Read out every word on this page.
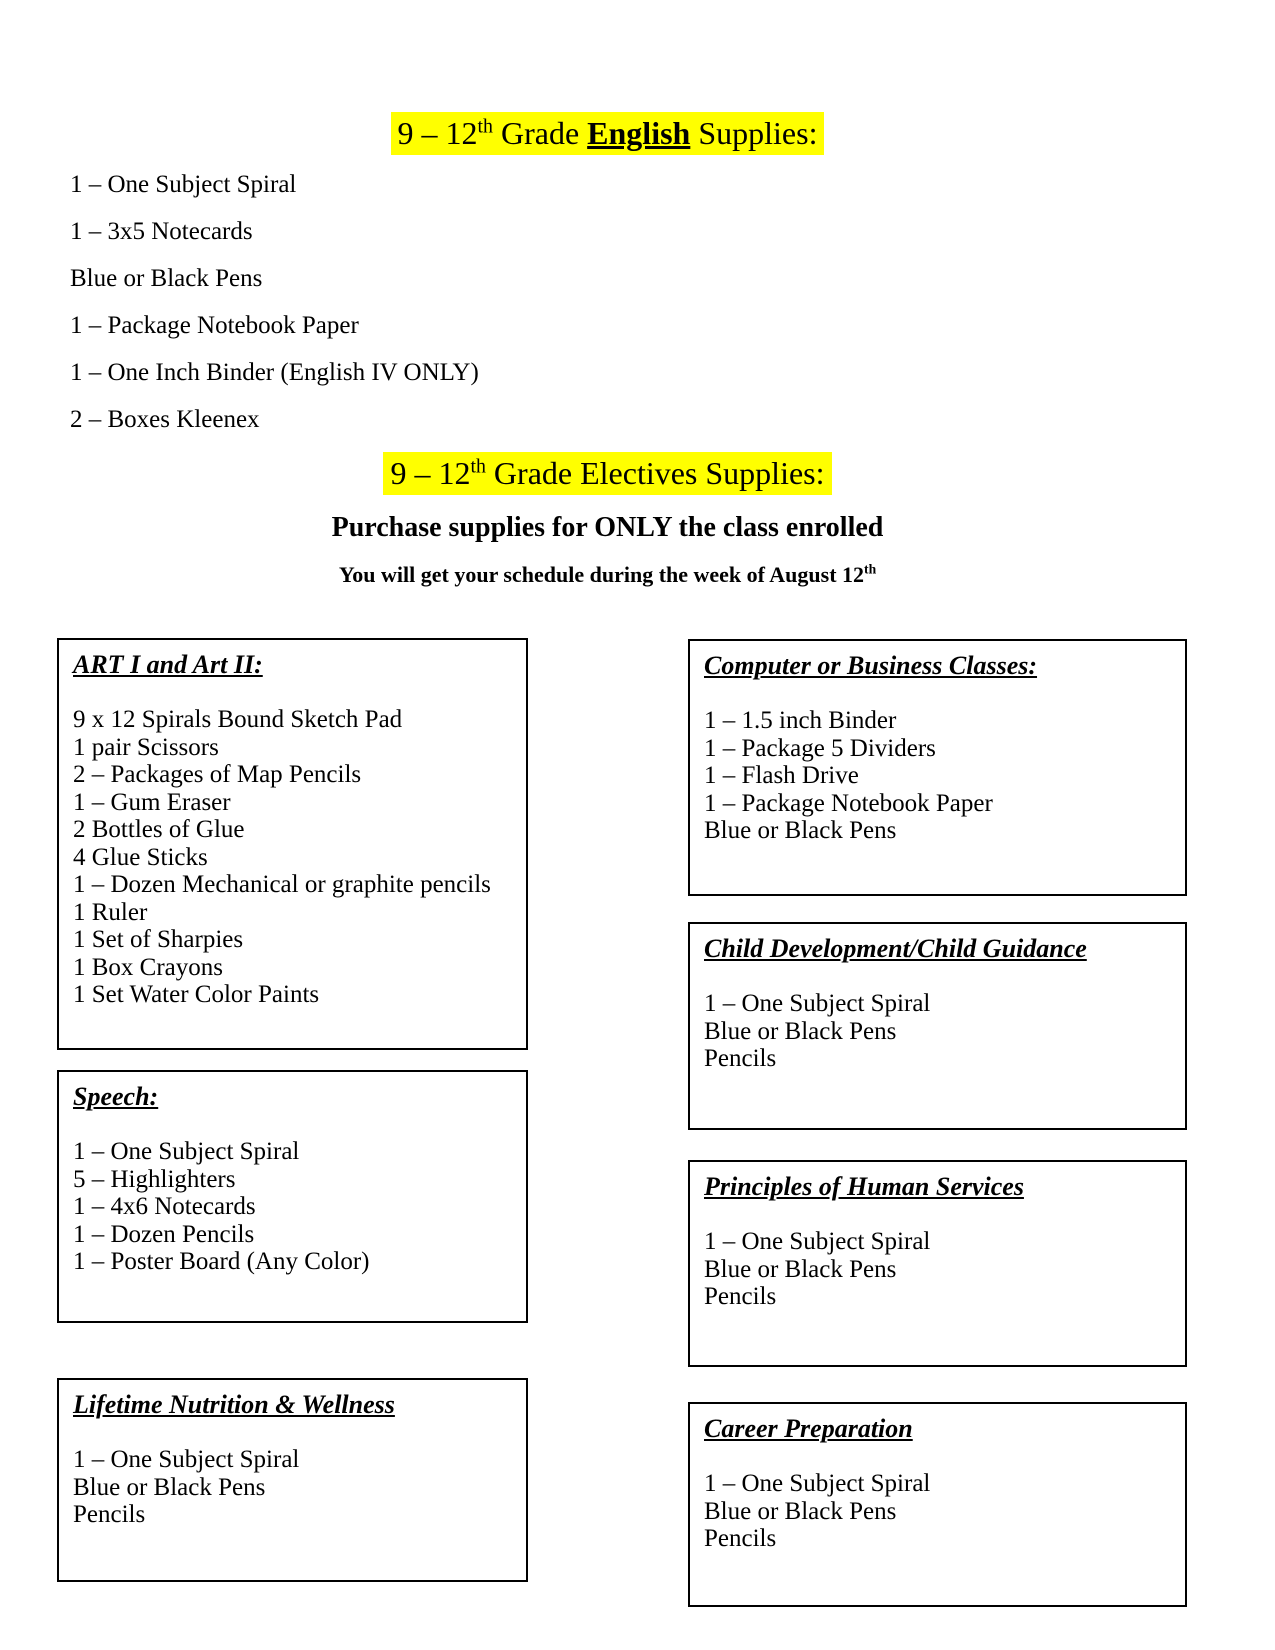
9 – 12th Grade English Supplies:
1 – One Subject Spiral
1 – 3x5 Notecards
Blue or Black Pens
1 – Package Notebook Paper
1 – One Inch Binder (English IV ONLY)
2 – Boxes Kleenex
9 – 12th Grade Electives Supplies:
Purchase supplies for ONLY the class enrolled
You will get your schedule during the week of August 12th
ART I and Art II:
9 x 12 Spirals Bound Sketch Pad
1 pair Scissors
2 – Packages of Map Pencils
1 – Gum Eraser
2 Bottles of Glue
4 Glue Sticks
1 – Dozen Mechanical or graphite pencils
1 Ruler
1 Set of Sharpies
1 Box Crayons
1 Set Water Color Paints
Speech:
1 – One Subject Spiral
5 – Highlighters
1 – 4x6 Notecards
1 – Dozen Pencils
1 – Poster Board (Any Color)
Lifetime Nutrition & Wellness
1 – One Subject Spiral
Blue or Black Pens
Pencils
Computer or Business Classes:
1 – 1.5 inch Binder
1 – Package 5 Dividers
1 – Flash Drive
1 – Package Notebook Paper
Blue or Black Pens
Child Development/Child Guidance
1 – One Subject Spiral
Blue or Black Pens
Pencils
Principles of Human Services
1 – One Subject Spiral
Blue or Black Pens
Pencils
Career Preparation
1 – One Subject Spiral
Blue or Black Pens
Pencils
